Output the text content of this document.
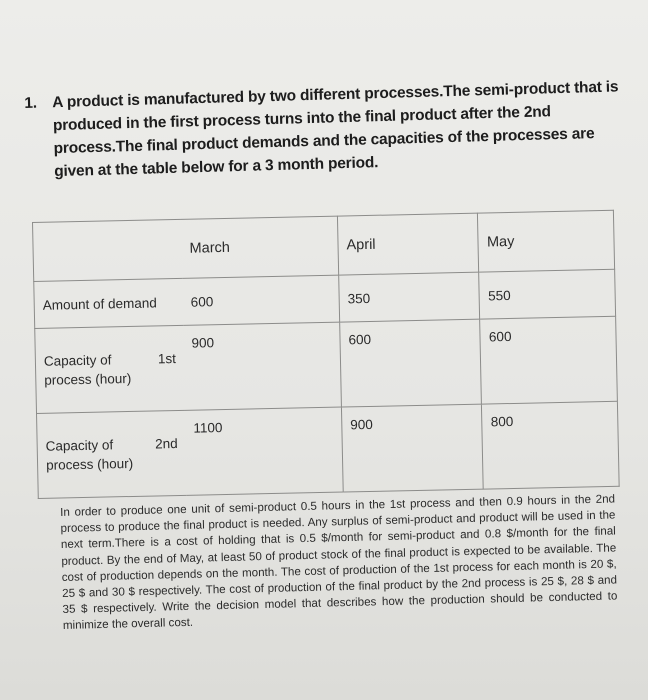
1. A product is manufactured by two different processes.The semi-product that is produced in the first process turns into the final product after the 2nd process.The final product demands and the capacities of the processes are given at the table below for a 3 month period.
	March	April	May
Amount of demand	600	350	550

Capacity of 1st
process (hour)	900	600	600

Capacity of 2nd
process (hour)	1100	900	800
In order to produce one unit of semi-product 0.5 hours in the 1st process and then 0.9 hours in the 2nd process to produce the final product is needed. Any surplus of semi-product and product will be used in the next term.There is a cost of holding that is 0.5 $/month for semi-product and 0.8 $/month for the final product. By the end of May, at least 50 of product stock of the final product is expected to be available. The cost of production depends on the month. The cost of production of the 1st process for each month is 20 $, 25 $ and 30 $ respectively. The cost of production of the final product by the 2nd process is 25 $, 28 $ and 35 $ respectively. Write the decision model that describes how the production should be conducted to minimize the overall cost.
